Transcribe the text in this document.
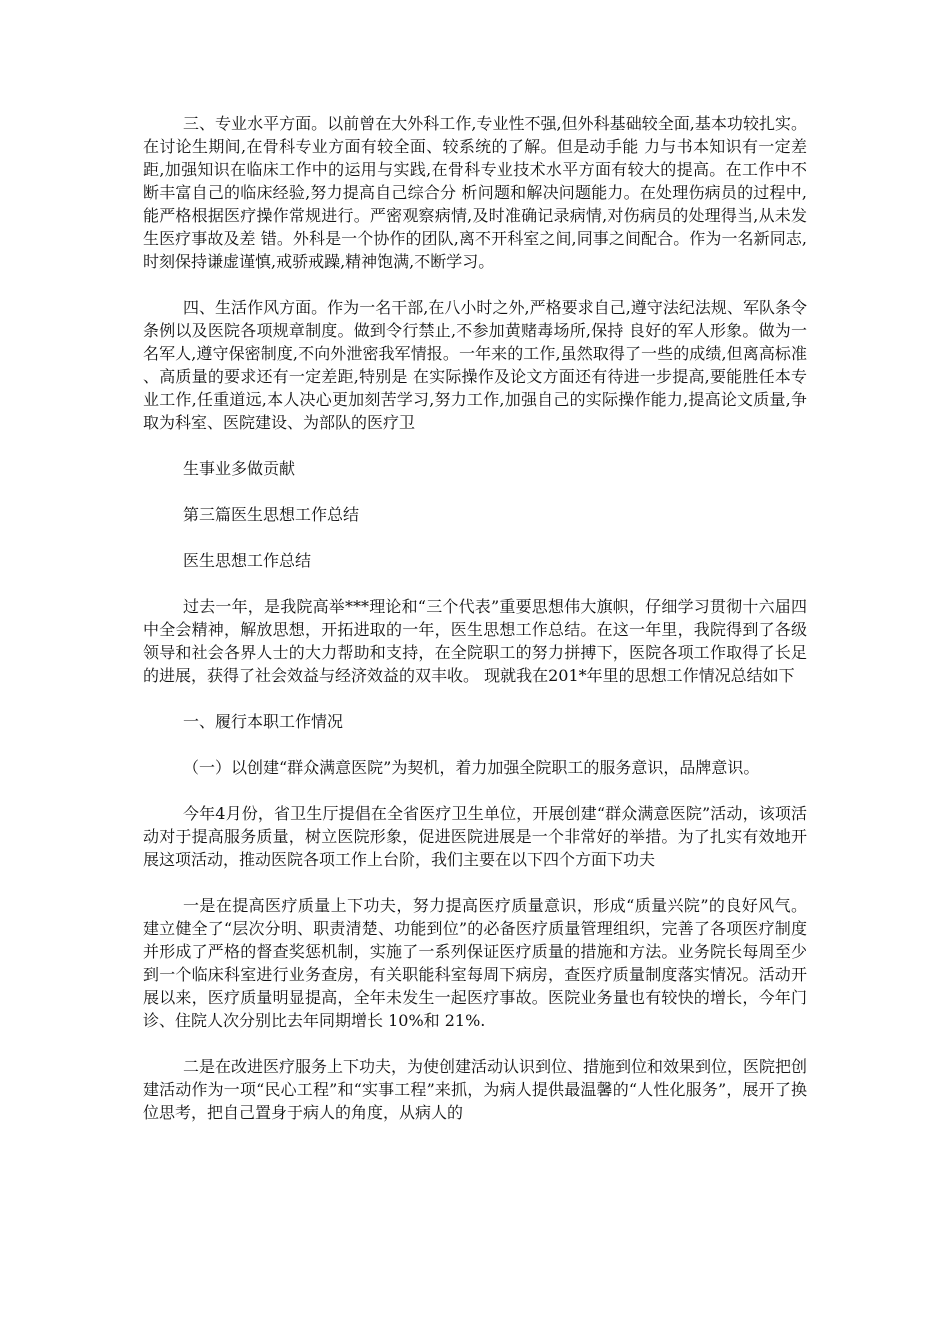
三、专业水平方面。以前曾在大外科工作,专业性不强,但外科基础较全面,基本功较扎实。在讨论生期间,在骨科专业方面有较全面、较系统的了解。但是动手能 力与书本知识有一定差距,加强知识在临床工作中的运用与实践,在骨科专业技术水平方面有较大的提高。在工作中不断丰富自己的临床经验,努力提高自己综合分 析问题和解决问题能力。在处理伤病员的过程中,能严格根据医疗操作常规进行。严密观察病情,及时准确记录病情,对伤病员的处理得当,从未发生医疗事故及差 错。外科是一个协作的团队,离不开科室之间,同事之间配合。作为一名新同志,时刻保持谦虚谨慎,戒骄戒躁,精神饱满,不断学习。

四、生活作风方面。作为一名干部,在八小时之外,严格要求自己,遵守法纪法规、军队条令条例以及医院各项规章制度。做到令行禁止,不参加黄赌毒场所,保持 良好的军人形象。做为一名军人,遵守保密制度,不向外泄密我军情报。一年来的工作,虽然取得了一些的成绩,但离高标准、高质量的要求还有一定差距,特别是 在实际操作及论文方面还有待进一步提高,要能胜任本专业工作,任重道远,本人决心更加刻苦学习,努力工作,加强自己的实际操作能力,提高论文质量,争取为科室、医院建设、为部队的医疗卫

生事业多做贡献

第三篇医生思想工作总结

医生思想工作总结

过去一年，是我院高举***理论和“三个代表”重要思想伟大旗帜，仔细学习贯彻十六届四中全会精神，解放思想，开拓进取的一年，医生思想工作总结。在这一年里，我院得到了各级领导和社会各界人士的大力帮助和支持，在全院职工的努力拼搏下，医院各项工作取得了长足的进展，获得了社会效益与经济效益的双丰收。 现就我在201*年里的思想工作情况总结如下

一、履行本职工作情况

（一）以创建“群众满意医院”为契机，着力加强全院职工的服务意识，品牌意识。

今年4月份，省卫生厅提倡在全省医疗卫生单位，开展创建“群众满意医院”活动，该项活动对于提高服务质量，树立医院形象，促进医院进展是一个非常好的举措。为了扎实有效地开展这项活动，推动医院各项工作上台阶，我们主要在以下四个方面下功夫

一是在提高医疗质量上下功夫，努力提高医疗质量意识，形成“质量兴院”的良好风气。建立健全了“层次分明、职责清楚、功能到位”的必备医疗质量管理组织，完善了各项医疗制度并形成了严格的督查奖惩机制，实施了一系列保证医疗质量的措施和方法。业务院长每周至少到一个临床科室进行业务查房，有关职能科室每周下病房，查医疗质量制度落实情况。活动开展以来，医疗质量明显提高，全年未发生一起医疗事故。医院业务量也有较快的增长，今年门诊、住院人次分别比去年同期增长 10%和 21%.

二是在改进医疗服务上下功夫，为使创建活动认识到位、措施到位和效果到位，医院把创建活动作为一项“民心工程”和“实事工程”来抓，为病人提供最温馨的“人性化服务”，展开了换位思考，把自己置身于病人的角度，从病人的
